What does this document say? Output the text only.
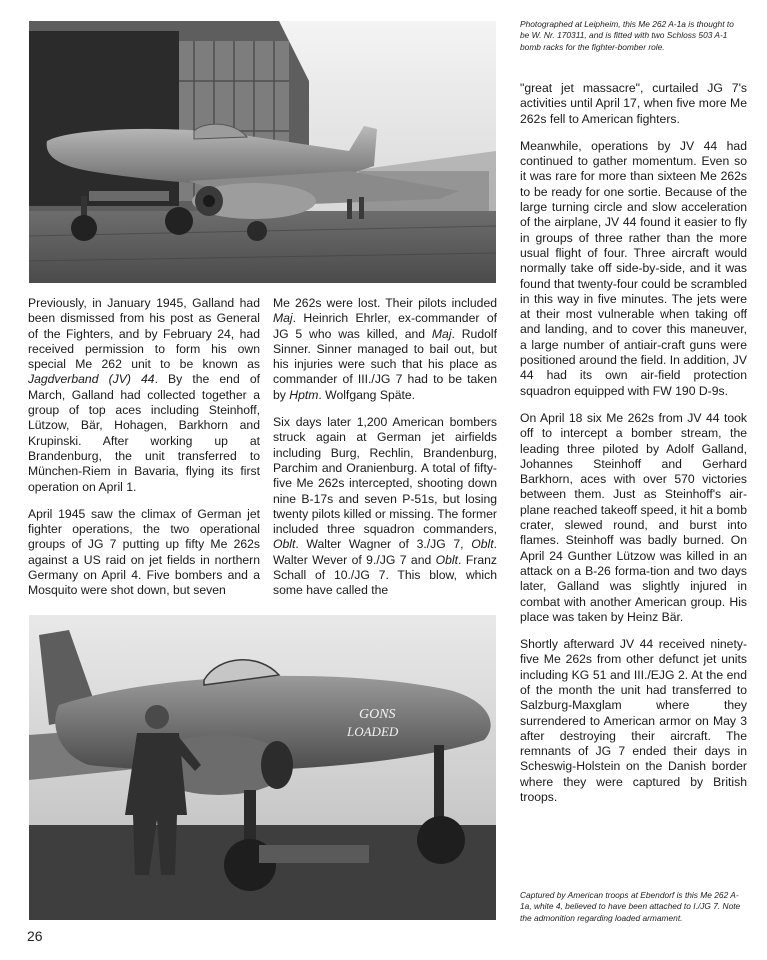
Photographed at Leipheim, this Me 262 A-1a is thought to be W. Nr. 170311, and is fitted with two Schloss 503 A-1 bomb racks for the fighter-bomber role.

Previously, in January 1945, Galland had been dismissed from his post as General of the Fighters, and by February 24, had received permission to form his own special Me 262 unit to be known as Jagdverband (JV) 44. By the end of March, Galland had collected together a group of top aces including Steinhoff, Lützow, Bär, Hohagen, Barkhorn and Krupinski. After working up at Brandenburg, the unit transferred to München-Riem in Bavaria, flying its first operation on April 1.

April 1945 saw the climax of German jet fighter operations, the two operational groups of JG 7 putting up fifty Me 262s against a US raid on jet fields in northern Germany on April 4. Five bombers and a Mosquito were shot down, but seven

Me 262s were lost. Their pilots included Maj. Heinrich Ehrler, ex-commander of JG 5 who was killed, and Maj. Rudolf Sinner. Sinner managed to bail out, but his injuries were such that his place as commander of III./JG 7 had to be taken by Hptm. Wolfgang Späte.

Six days later 1,200 American bombers struck again at German jet airfields including Burg, Rechlin, Brandenburg, Parchim and Oranienburg. A total of fifty-five Me 262s intercepted, shooting down nine B-17s and seven P-51s, but losing twenty pilots killed or missing. The former included three squadron commanders, Oblt. Walter Wagner of 3./JG 7, Oblt. Walter Wever of 9./JG 7 and Oblt. Franz Schall of 10./JG 7. This blow, which some have called the

"great jet massacre", curtailed JG 7's activities until April 17, when five more Me 262s fell to American fighters.

Meanwhile, operations by JV 44 had continued to gather momentum. Even so it was rare for more than sixteen Me 262s to be ready for one sortie. Because of the large turning circle and slow acceleration of the airplane, JV 44 found it easier to fly in groups of three rather than the more usual flight of four. Three aircraft would normally take off side-by-side, and it was found that twenty-four could be scrambled in this way in five minutes. The jets were at their most vulnerable when taking off and landing, and to cover this maneuver, a large number of antiair-craft guns were positioned around the field. In addition, JV 44 had its own air-field protection squadron equipped with FW 190 D-9s.

On April 18 six Me 262s from JV 44 took off to intercept a bomber stream, the leading three piloted by Adolf Galland, Johannes Steinhoff and Gerhard Barkhorn, aces with over 570 victories between them. Just as Steinhoff's air-plane reached takeoff speed, it hit a bomb crater, slewed round, and burst into flames. Steinhoff was badly burned. On April 24 Gunther Lützow was killed in an attack on a B-26 forma-tion and two days later, Galland was slightly injured in combat with another American group. His place was taken by Heinz Bär.

Shortly afterward JV 44 received ninety-five Me 262s from other defunct jet units including KG 51 and III./EJG 2. At the end of the month the unit had transferred to Salzburg-Maxglam where they surrendered to American armor on May 3 after destroying their aircraft. The remnants of JG 7 ended their days in Scheswig-Holstein on the Danish border where they were captured by British troops.

GONS
LOADED
Captured by American troops at Ebendorf is this Me 262 A-1a, white 4, believed to have been attached to I./JG 7. Note the admonition regarding loaded armament.
26
